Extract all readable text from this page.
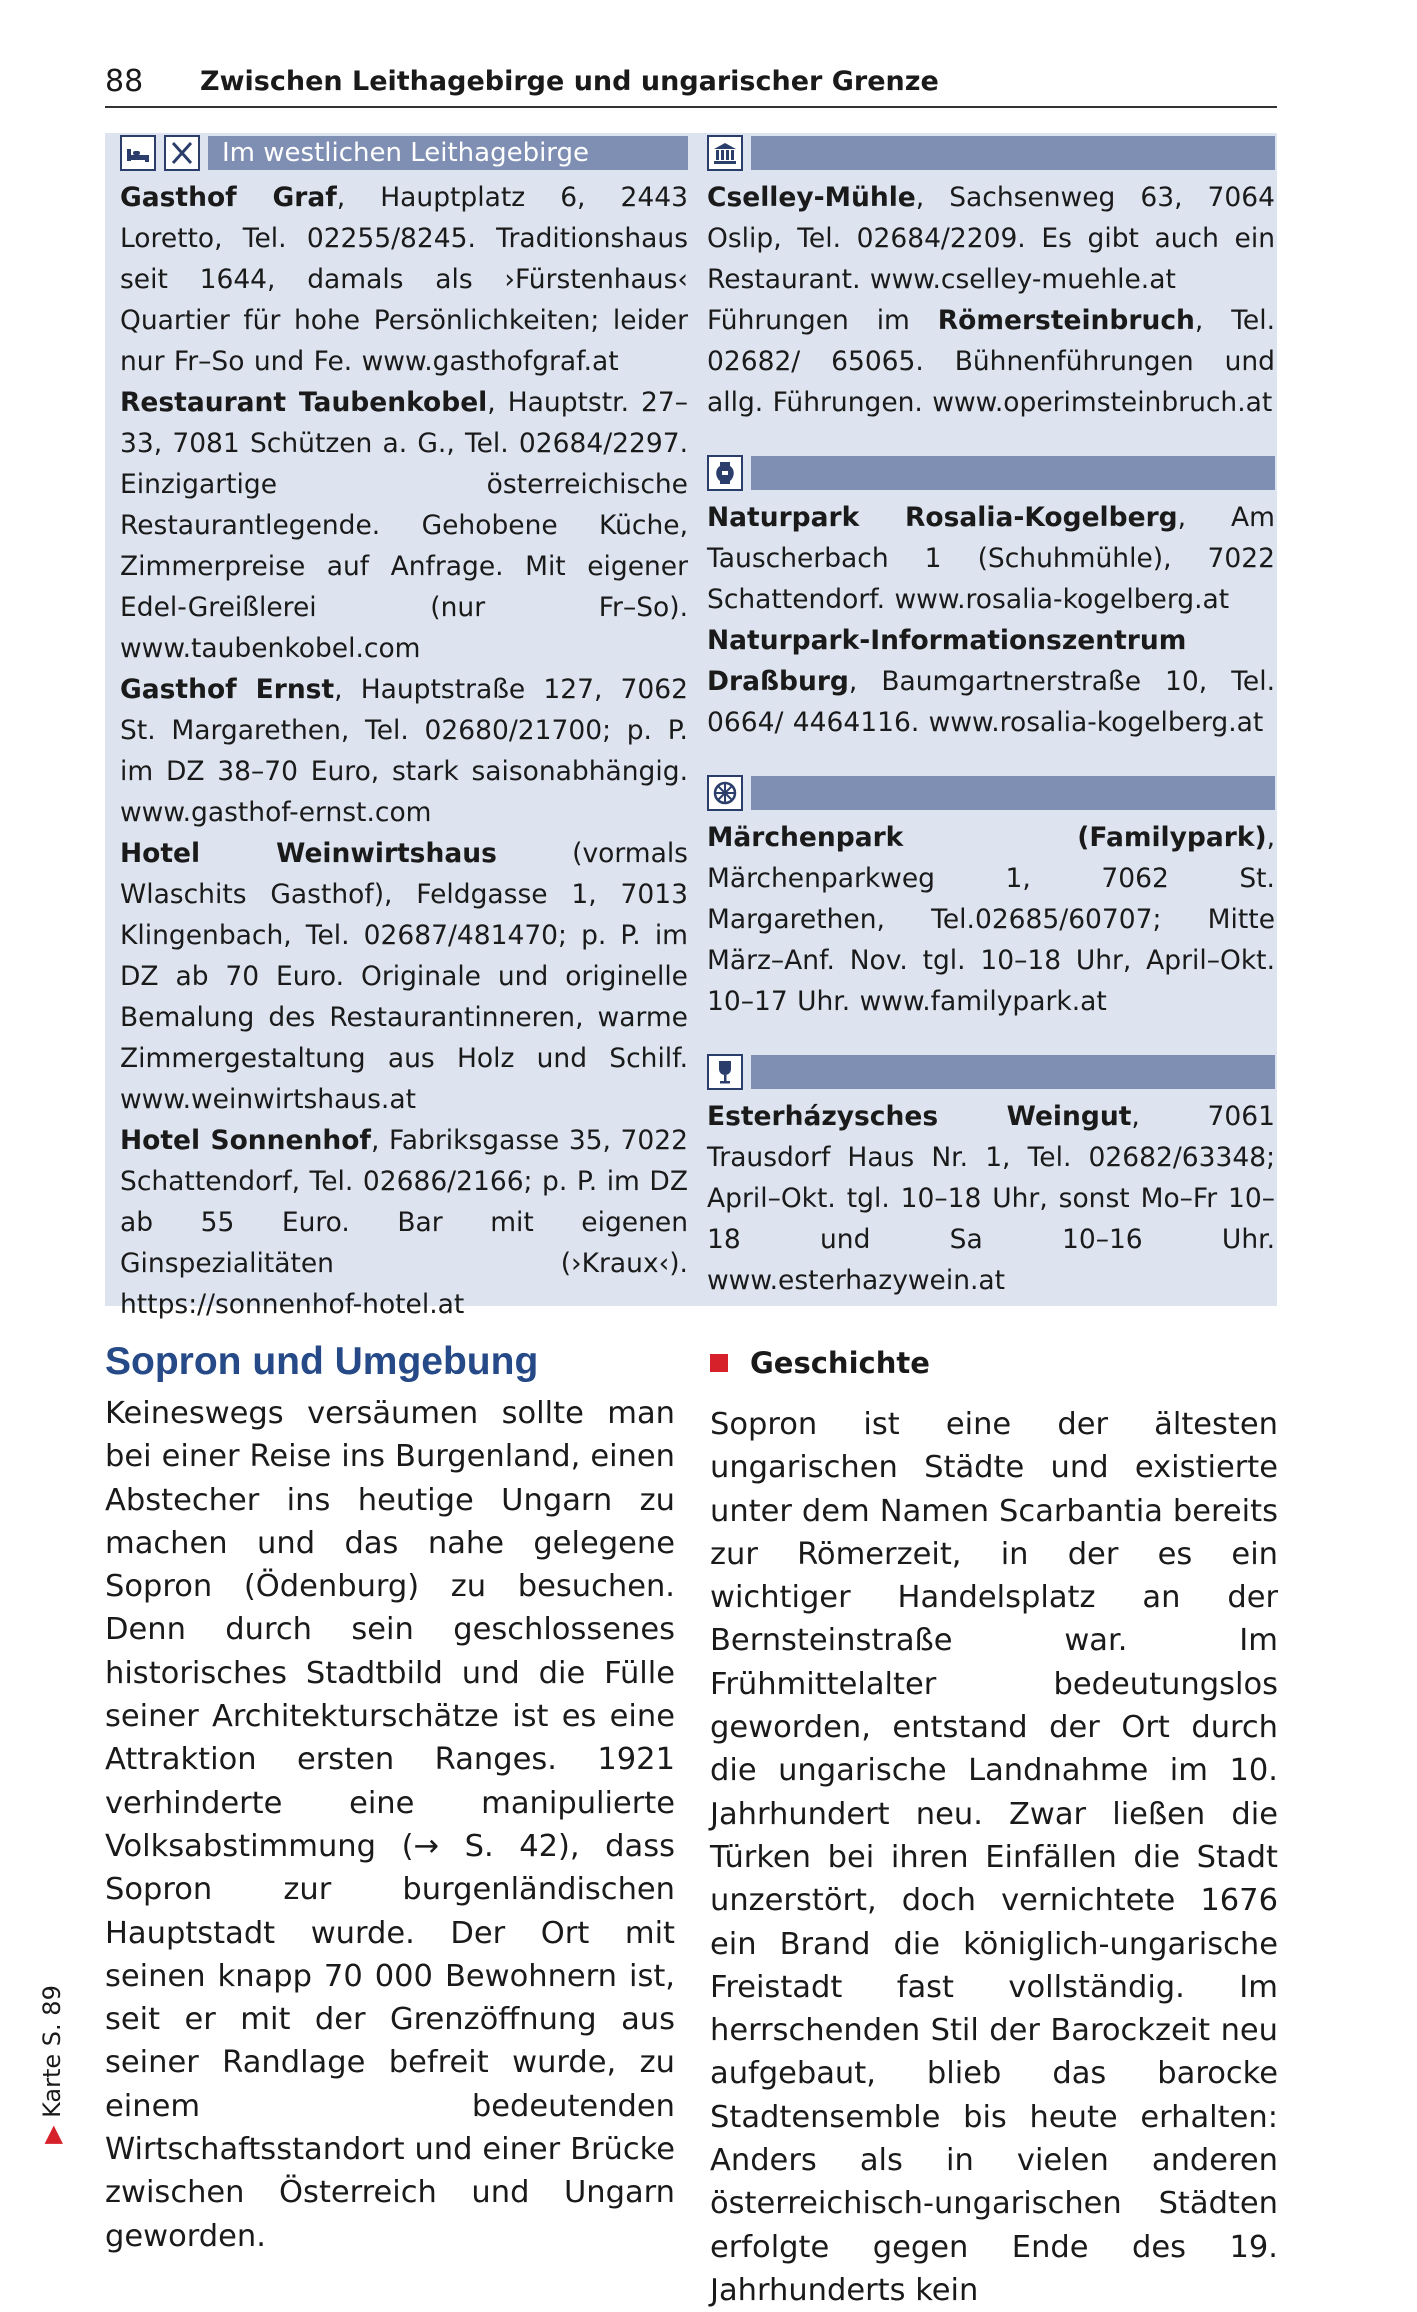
88 Zwischen Leithagebirge und ungarischer Grenze
Im westlichen Leithagebirge
Gasthof Graf, Hauptplatz 6, 2443 Loretto, Tel. 02255/8245. Traditionshaus seit 1644, damals als ›Fürstenhaus‹ Quartier für hohe Persönlichkeiten; leider nur Fr–So und Fe. www.gasthofgraf.at
Restaurant Taubenkobel, Hauptstr. 27–33, 7081 Schützen a. G., Tel. 02684/2297. Einzigartige österreichische Restaurantlegende. Gehobene Küche, Zimmerpreise auf Anfrage. Mit eigener Edel-Greißlerei (nur Fr–So). www.taubenkobel.com
Gasthof Ernst, Hauptstraße 127, 7062 St. Margarethen, Tel. 02680/21700; p. P. im DZ 38–70 Euro, stark saisonabhängig. www.gasthof-ernst.com
Hotel Weinwirtshaus (vormals Wlaschits Gasthof), Feldgasse 1, 7013 Klingenbach, Tel. 02687/481470; p. P. im DZ ab 70 Euro. Originale und originelle Bemalung des Restaurantinneren, warme Zimmergestaltung aus Holz und Schilf. www.weinwirtshaus.at
Hotel Sonnenhof, Fabriksgasse 35, 7022 Schattendorf, Tel. 02686/2166; p. P. im DZ ab 55 Euro. Bar mit eigenen Ginspezialitäten (›Kraux‹). https://sonnenhof-hotel.at
Cselley-Mühle, Sachsenweg 63, 7064 Oslip, Tel. 02684/2209. Es gibt auch ein Restaurant. www.cselley-muehle.at
Führungen im Römersteinbruch, Tel. 02682/ 65065. Bühnenführungen und allg. Führungen. www.operimsteinbruch.at
Naturpark Rosalia-Kogelberg, Am Tauscherbach 1 (Schuhmühle), 7022 Schattendorf. www.rosalia-kogelberg.at
Naturpark-Informationszentrum Draßburg, Baumgartnerstraße 10, Tel. 0664/ 4464116. www.rosalia-kogelberg.at
Märchenpark (Familypark), Märchenparkweg 1, 7062 St. Margarethen, Tel.02685/60707; Mitte März–Anf. Nov. tgl. 10–18 Uhr, April–Okt. 10–17 Uhr. www.familypark.at
Esterházysches Weingut, 7061 Trausdorf Haus Nr. 1, Tel. 02682/63348; April–Okt. tgl. 10–18 Uhr, sonst Mo–Fr 10–18 und Sa 10–16 Uhr. www.esterhazywein.at
Sopron und Umgebung
Keineswegs versäumen sollte man bei einer Reise ins Burgenland, einen Abstecher ins heutige Ungarn zu machen und das nahe gelegene Sopron (Ödenburg) zu besuchen. Denn durch sein geschlossenes historisches Stadtbild und die Fülle seiner Architekturschätze ist es eine Attraktion ersten Ranges. 1921 verhinderte eine manipulierte Volksabstimmung (→ S. 42), dass Sopron zur burgenländischen Hauptstadt wurde. Der Ort mit seinen knapp 70 000 Bewohnern ist, seit er mit der Grenzöffnung aus seiner Randlage befreit wurde, zu einem bedeutenden Wirtschaftsstandort und einer Brücke zwischen Österreich und Ungarn geworden.
Geschichte
Sopron ist eine der ältesten ungarischen Städte und existierte unter dem Namen Scarbantia bereits zur Römerzeit, in der es ein wichtiger Handelsplatz an der Bernsteinstraße war. Im Frühmittelalter bedeutungslos geworden, entstand der Ort durch die ungarische Landnahme im 10. Jahrhundert neu. Zwar ließen die Türken bei ihren Einfällen die Stadt unzerstört, doch vernichtete 1676 ein Brand die königlich-ungarische Freistadt fast vollständig. Im herrschenden Stil der Barockzeit neu aufgebaut, blieb das barocke Stadtensemble bis heute erhalten: Anders als in vielen anderen österreichisch-ungarischen Städten erfolgte gegen Ende des 19. Jahrhunderts kein
▶ Karte S. 89
